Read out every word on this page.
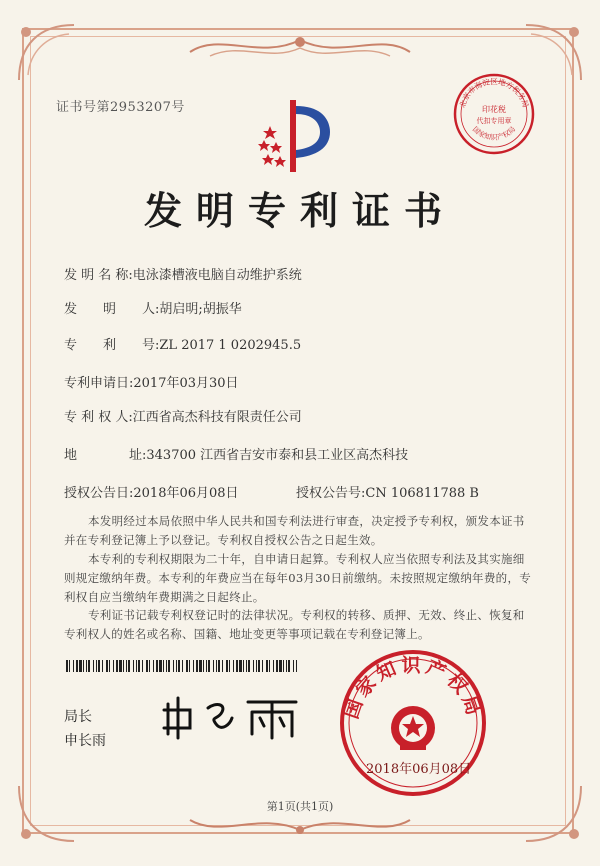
证书号第2953207号	北京市海淀区地方税务局
印花税
代扣专用章
国家知识产权局
发明专利证书
发 明 名 称:电泳漆槽液电脑自动维护系统
发　　明　　人:胡启明;胡振华
专　　利　　号:ZL 2017 1 0202945.5
专利申请日:2017年03月30日
专 利 权 人:江西省高杰科技有限责任公司
地　　　　址:343700 江西省吉安市泰和县工业区高杰科技
授权公告日:2018年06月08日	授权公告号:CN 106811788 B
本发明经过本局依照中华人民共和国专利法进行审查，决定授予专利权，颁发本证书并在专利登记簿上予以登记。专利权自授权公告之日起生效。
本专利的专利权期限为二十年，自申请日起算。专利权人应当依照专利法及其实施细则规定缴纳年费。本专利的年费应当在每年03月30日前缴纳。未按照规定缴纳年费的，专利权自应当缴纳年费期满之日起终止。
专利证书记载专利权登记时的法律状况。专利权的转移、质押、无效、终止、恢复和专利权人的姓名或名称、国籍、地址变更等事项记载在专利登记簿上。
局长
申长雨
国家知识产权局
2018年06月08日
第1页(共1页)
